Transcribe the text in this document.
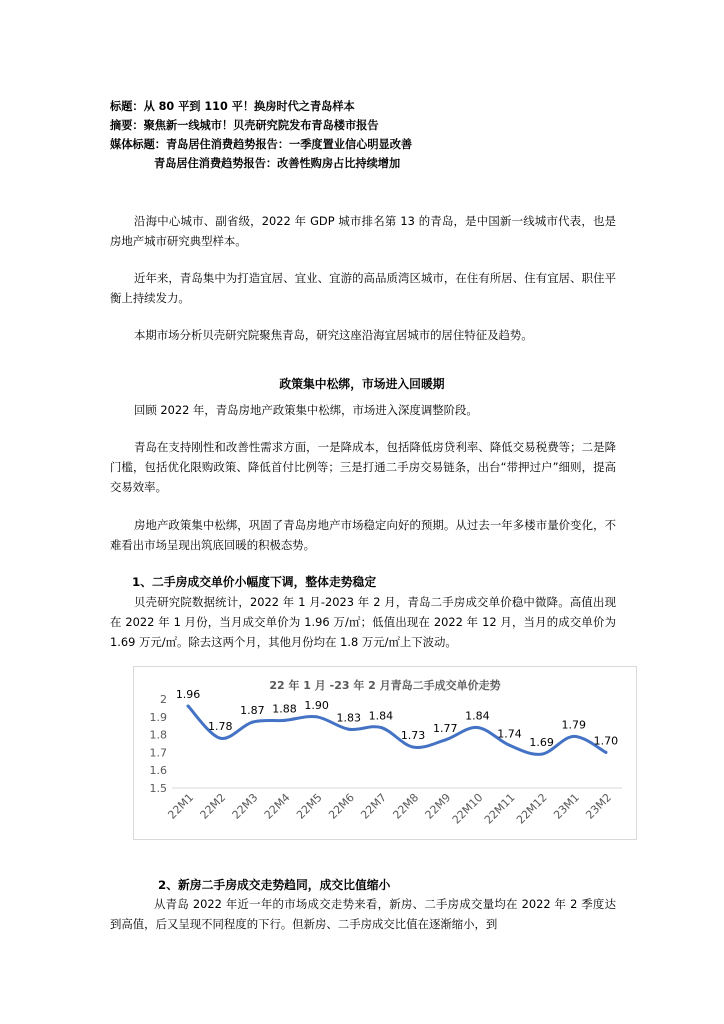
标题：从 80 平到 110 平！换房时代之青岛样本
摘要：聚焦新一线城市！贝壳研究院发布青岛楼市报告
媒体标题：青岛居住消费趋势报告：一季度置业信心明显改善
青岛居住消费趋势报告：改善性购房占比持续增加
沿海中心城市、副省级，2022 年 GDP 城市排名第 13 的青岛，是中国新一线城市代表，也是房地产城市研究典型样本。
近年来，青岛集中为打造宜居、宜业、宜游的高品质湾区城市，在住有所居、住有宜居、职住平衡上持续发力。
本期市场分析贝壳研究院聚焦青岛，研究这座沿海宜居城市的居住特征及趋势。
政策集中松绑，市场进入回暖期
回顾 2022 年，青岛房地产政策集中松绑，市场进入深度调整阶段。
青岛在支持刚性和改善性需求方面，一是降成本，包括降低房贷利率、降低交易税费等；二是降门槛，包括优化限购政策、降低首付比例等；三是打通二手房交易链条，出台“带押过户”细则，提高交易效率。
房地产政策集中松绑，巩固了青岛房地产市场稳定向好的预期。从过去一年多楼市量价变化，不难看出市场呈现出筑底回暖的积极态势。
1、二手房成交单价小幅度下调，整体走势稳定
贝壳研究院数据统计，2022 年 1 月-2023 年 2 月，青岛二手房成交单价稳中微降。高值出现在 2022 年 1 月份，当月成交单价为 1.96 万/㎡；低值出现在 2022 年 12 月，当月的成交单价为 1.69 万元/㎡。除去这两个月，其他月份均在 1.8 万元/㎡上下波动。
22 年 1 月 -23 年 2 月青岛二手成交单价走势
1.5
1.6
1.7
1.8
1.9
2
22M1 22M2 22M3 22M4 22M5 22M6 22M7 22M8 22M9
22M10
22M11
22M12 23M1 23M2
1.96
1.78
1.87 1.88 1.90
1.83 1.84
1.73
1.77
1.84
1.74
1.69
1.79
1.70
2、新房二手房成交走势趋同，成交比值缩小
从青岛 2022 年近一年的市场成交走势来看，新房、二手房成交量均在 2022 年 2 季度达到高值，后又呈现不同程度的下行。但新房、二手房成交比值在逐渐缩小，到
